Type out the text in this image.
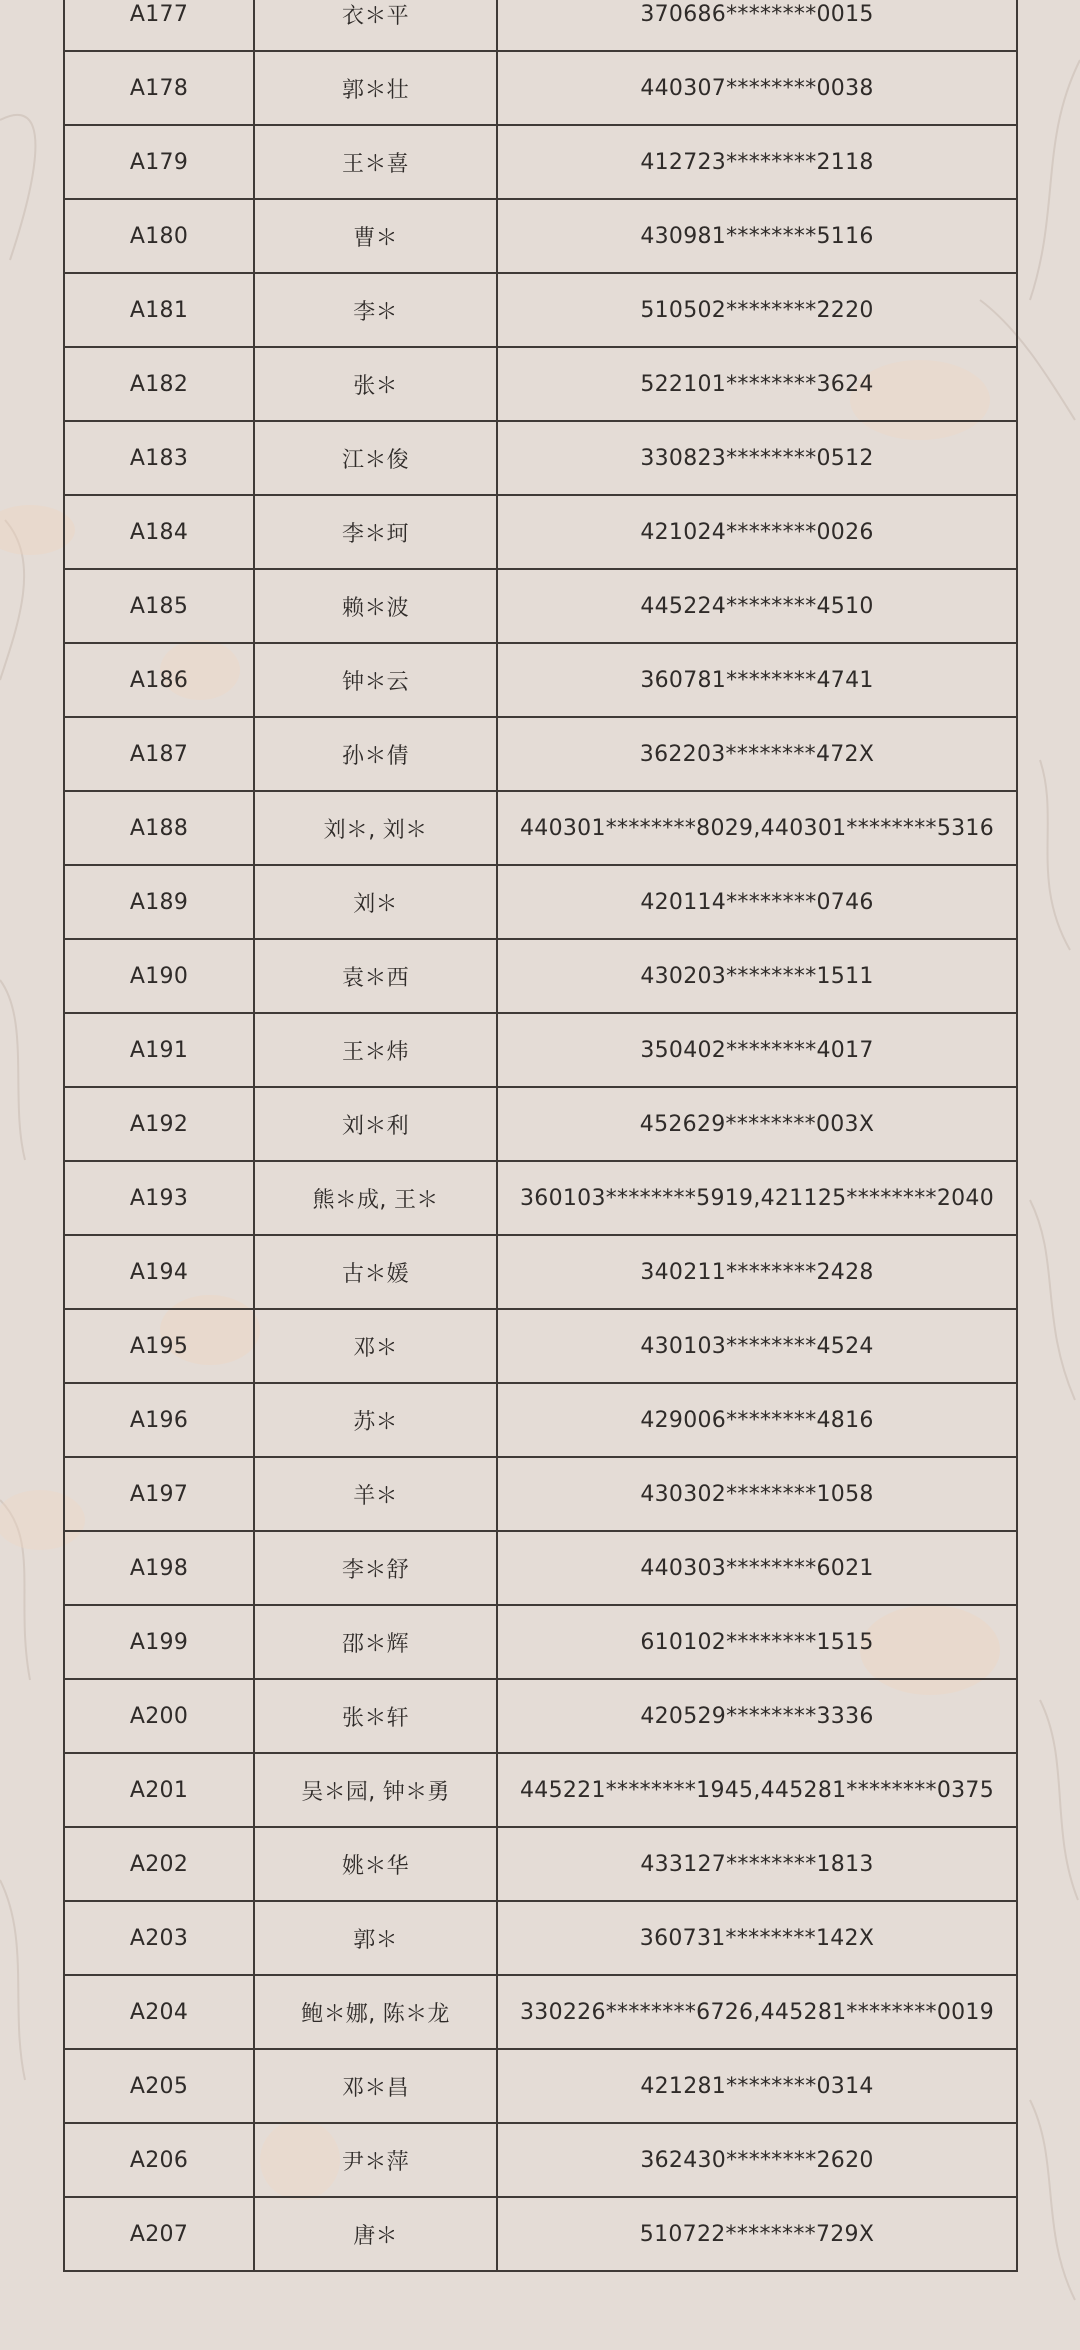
A177	衣＊平	370686********0015
A178	郭＊壮	440307********0038
A179	王＊喜	412723********2118
A180	曹＊	430981********5116
A181	李＊	510502********2220
A182	张＊	522101********3624
A183	江＊俊	330823********0512
A184	李＊珂	421024********0026
A185	赖＊波	445224********4510
A186	钟＊云	360781********4741
A187	孙＊倩	362203********472X
A188	刘＊, 刘＊	440301********8029,440301********5316
A189	刘＊	420114********0746
A190	袁＊西	430203********1511
A191	王＊炜	350402********4017
A192	刘＊利	452629********003X
A193	熊＊成, 王＊	360103********5919,421125********2040
A194	古＊媛	340211********2428
A195	邓＊	430103********4524
A196	苏＊	429006********4816
A197	羊＊	430302********1058
A198	李＊舒	440303********6021
A199	邵＊辉	610102********1515
A200	张＊轩	420529********3336
A201	吴＊园, 钟＊勇	445221********1945,445281********0375
A202	姚＊华	433127********1813
A203	郭＊	360731********142X
A204	鲍＊娜, 陈＊龙	330226********6726,445281********0019
A205	邓＊昌	421281********0314
A206	尹＊萍	362430********2620
A207	唐＊	510722********729X
